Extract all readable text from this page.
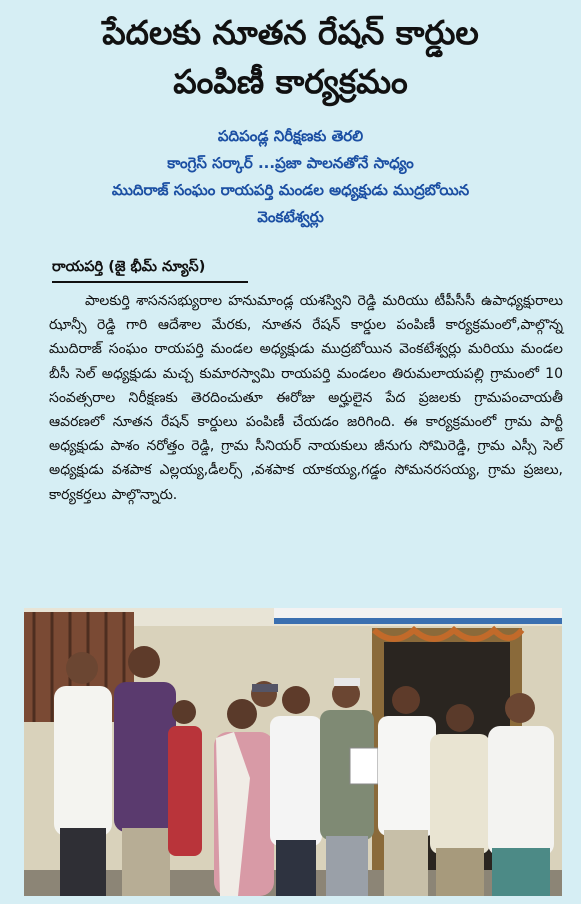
పేదలకు నూతన రేషన్ కార్డుల
పంపిణీ కార్యక్రమం
పదిపండ్ల నిరీక్షణకు తెరలి
కాంగ్రెస్ సర్కార్ ...ప్రజా పాలనతోనే సాధ్యం
ముదిరాజ్ సంఘం రాయపర్తి మండల అధ్యక్షుడు ముద్రబోయిన
వెంకటేశ్వర్లు
రాయపర్తి (జై భీమ్ న్యూస్)
పాలకుర్తి శాసనసభ్యురాల హనుమాండ్ల యశస్విని రెడ్డి మరియు టీపీసీసీ ఉపాధ్యక్షురాలు ఝాన్సీ రెడ్డి గారి ఆదేశాల మేరకు, నూతన రేషన్ కార్డుల పంపిణీ కార్యక్రమంలో,పాల్గొన్న ముదిరాజ్ సంఘం రాయపర్తి మండల అధ్యక్షుడు ముద్రబోయిన వెంకటేశ్వర్లు మరియు మండల బీసీ సెల్ అధ్యక్షుడు మచ్చ కుమారస్వామి రాయపర్తి మండలం తిరుమలాయపల్లి గ్రామంలో 10 సంవత్సరాల నిరీక్షణకు తెరదించుతూ ఈరోజు అర్హులైన పేద ప్రజలకు గ్రామపంచాయతీ ఆవరణలో నూతన రేషన్ కార్డులు పంపిణీ చేయడం జరిగింది. ఈ కార్యక్రమంలో గ్రామ పార్టీ అధ్యక్షుడు పాశం నరోత్తం రెడ్డి, గ్రామ సీనియర్ నాయకులు జీనుగు సోమిరెడ్డి, గ్రామ ఎస్సీ సెల్ అధ్యక్షుడు వశపాక ఎల్లయ్య,డీలర్స్ ,వశపాక యాకయ్య,గడ్డం సోమనరసయ్య, గ్రామ ప్రజలు, కార్యకర్తలు పాల్గొన్నారు.
